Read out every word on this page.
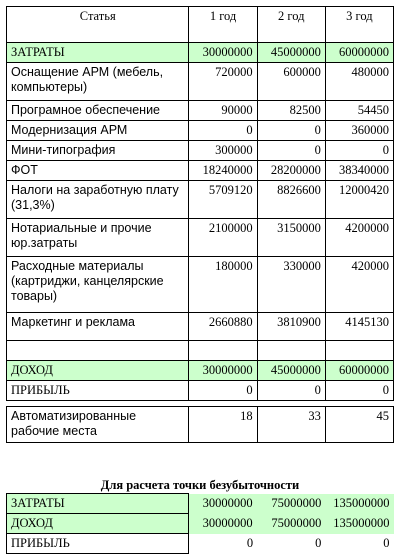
Статья	1 год	2 год	3 год
ЗАТРАТЫ	30000000	45000000	60000000
Оснащение АРМ (мебель, компьютеры)	720000	600000	480000
Програмное обеспечение	90000	82500	54450
Модернизация АРМ	0	0	360000
Мини-типография	300000	0	0
ФОТ	18240000	28200000	38340000
Налоги на заработную плату (31,3%)	5709120	8826600	12000420
Нотариальные и прочие юр.затраты	2100000	3150000	4200000
Расходные материалы (картриджи, канцелярские товары)	180000	330000	420000
Маркетинг и реклама	2660880	3810900	4145130

ДОХОД	30000000	45000000	60000000
ПРИБЫЛЬ	0	0	0
Автоматизированные рабочие места	18	33	45
Для расчета точки безубыточности
ЗАТРАТЫ	30000000	75000000	135000000
ДОХОД	30000000	75000000	135000000
ПРИБЫЛЬ	0	0	0
